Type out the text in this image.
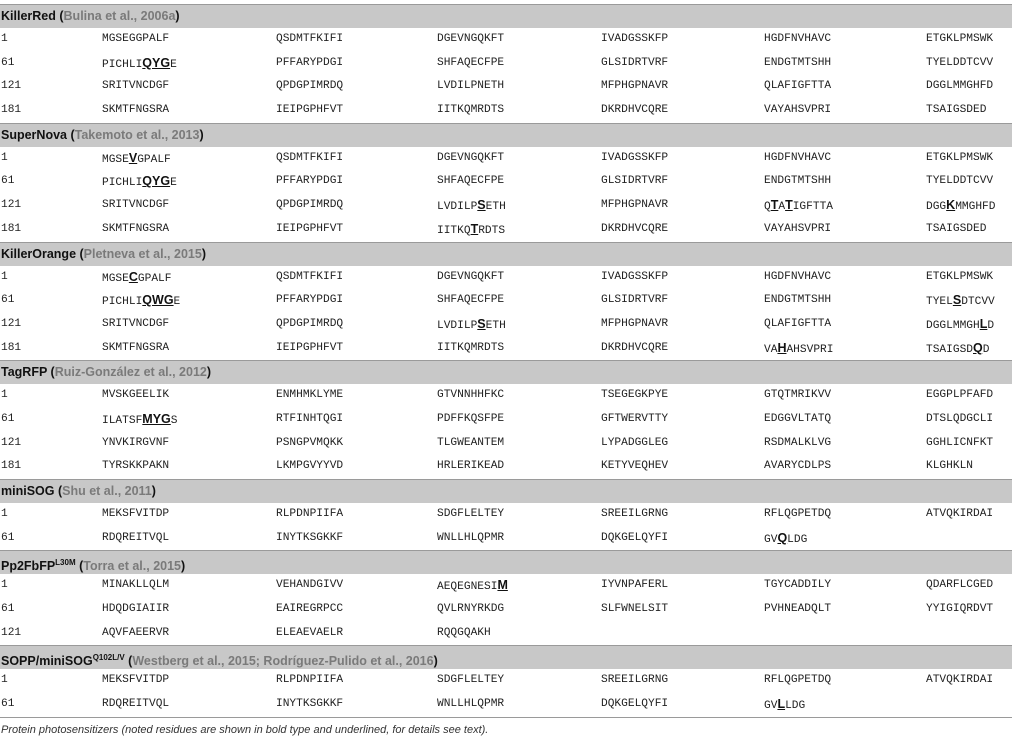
KillerRed (Bulina et al., 2006a)
1	MGSEGGPALF	QSDMTFKIFI	DGEVNGQKFT	IVADGSSKFP	HGDFNVHAVC	ETGKLPMSWK
61	PICHLIQYGE	PFFARYPDGI	SHFAQECFPE	GLSIDRTVRF	ENDGTMTSHH	TYELDDTCVV
121	SRITVNCDGF	QPDGPIMRDQ	LVDILPNETH	MFPHGPNAVR	QLAFIGFTTA	DGGLMMGHFD
181	SKMTFNGSRA	IEIPGPHFVT	IITKQMRDTS	DKRDHVCQRE	VAYAHSVPRI	TSAIGSDED
SuperNova (Takemoto et al., 2013)
1	MGSEVGPALF	QSDMTFKIFI	DGEVNGQKFT	IVADGSSKFP	HGDFNVHAVC	ETGKLPMSWK
61	PICHLIQYGE	PFFARYPDGI	SHFAQECFPE	GLSIDRTVRF	ENDGTMTSHH	TYELDDTCVV
121	SRITVNCDGF	QPDGPIMRDQ	LVDILPSETH	MFPHGPNAVR	QTATIGFTTA	DGGKMMGHFD
181	SKMTFNGSRA	IEIPGPHFVT	IITKQTRDTS	DKRDHVCQRE	VAYAHSVPRI	TSAIGSDED
KillerOrange (Pletneva et al., 2015)
1	MGSECGPALF	QSDMTFKIFI	DGEVNGQKFT	IVADGSSKFP	HGDFNVHAVC	ETGKLPMSWK
61	PICHLIQWGE	PFFARYPDGI	SHFAQECFPE	GLSIDRTVRF	ENDGTMTSHH	TYELSDTCVV
121	SRITVNCDGF	QPDGPIMRDQ	LVDILPSETH	MFPHGPNAVR	QLAFIGFTTA	DGGLMMGHLD
181	SKMTFNGSRA	IEIPGPHFVT	IITKQMRDTS	DKRDHVCQRE	VAHAHSVPRI	TSAIGSDQD
TagRFP (Ruiz-González et al., 2012)
1	MVSKGEELIK	ENMHMKLYME	GTVNNHHFKC	TSEGEGKPYE	GTQTMRIKVV	EGGPLPFAFD
61	ILATSFMYGS	RTFINHTQGI	PDFFKQSFPE	GFTWERVTTY	EDGGVLTATQ	DTSLQDGCLI
121	YNVKIRGVNF	PSNGPVMQKK	TLGWEANTEM	LYPADGGLEG	RSDMALKLVG	GGHLICNFKT
181	TYRSKKPAKN	LKMPGVYYVD	HRLERIKEAD	KETYVEQHEV	AVARYCDLPS	KLGHKLN
miniSOG (Shu et al., 2011)
1	MEKSFVITDP	RLPDNPIIFA	SDGFLELTEY	SREEILGRNG	RFLQGPETDQ	ATVQKIRDAI
61	RDQREITVQL	INYTKSGKKF	WNLLHLQPMR	DQKGELQYFI	GVQLDG
Pp2FbFP$^{L30M}$ (Torra et al., 2015)
1	MINAKLLQLM	VEHANDGIVV	AEQEGNESIM	IYVNPAFERL	TGYCADDILY	QDARFLCGED
61	HDQDGIAIIR	EAIREGRPCC	QVLRNYRKDG	SLFWNELSIT	PVHNEADQLT	YYIGIQRDVT
121	AQVFAEERVR	ELEAEVAELR	RQQGQAKH
SOPP/miniSOG$^{Q102L/V}$ (Westberg et al., 2015; Rodríguez-Pulido et al., 2016)
1	MEKSFVITDP	RLPDNPIIFA	SDGFLELTEY	SREEILGRNG	RFLQGPETDQ	ATVQKIRDAI
61	RDQREITVQL	INYTKSGKKF	WNLLHLQPMR	DQKGELQYFI	GVLLDG
Protein photosensitizers (noted residues are shown in bold type and underlined, for details see text).
